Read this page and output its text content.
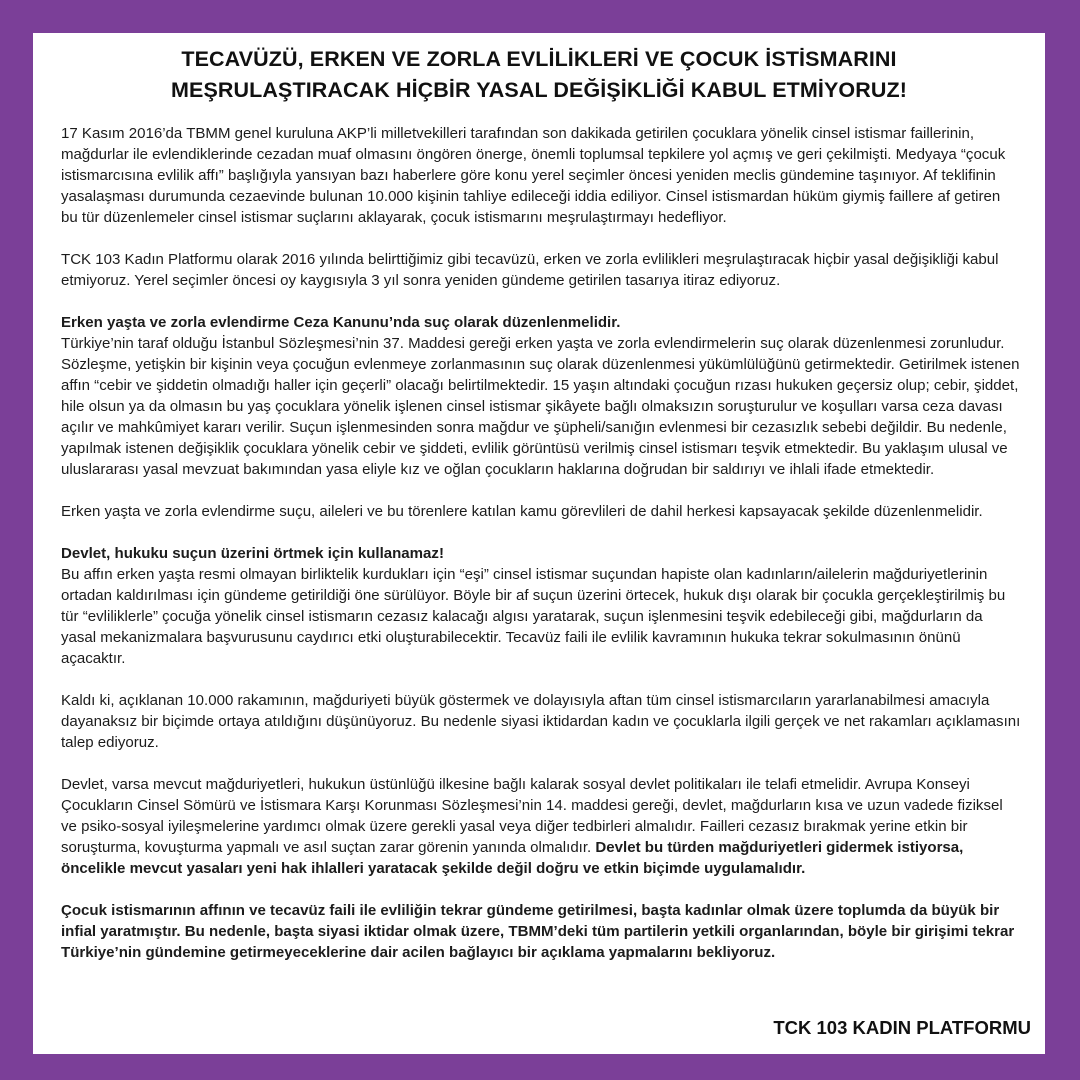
TECAVÜZÜ, ERKEN VE ZORLA EVLİLİKLERİ VE ÇOCUK İSTİSMARINI
MEŞRULAŞTIRACAK HİÇBİR YASAL DEĞİŞİKLİĞİ KABUL ETMİYORUZ!

17 Kasım 2016’da TBMM genel kuruluna AKP’li milletvekilleri tarafından son dakikada getirilen çocuklara yönelik cinsel istismar faillerinin, mağdurlar ile evlendiklerinde cezadan muaf olmasını öngören önerge, önemli toplumsal tepkilere yol açmış ve geri çekilmişti. Medyaya “çocuk istismarcısına evlilik affı” başlığıyla yansıyan bazı haberlere göre konu yerel seçimler öncesi yeniden meclis gündemine taşınıyor. Af teklifinin yasalaşması durumunda cezaevinde bulunan 10.000 kişinin tahliye edileceği iddia ediliyor. Cinsel istismardan hüküm giymiş faillere af getiren bu tür düzenlemeler cinsel istismar suçlarını aklayarak, çocuk istismarını meşrulaştırmayı hedefliyor.

TCK 103 Kadın Platformu olarak 2016 yılında belirttiğimiz gibi tecavüzü, erken ve zorla evlilikleri meşrulaştıracak hiçbir yasal değişikliği kabul etmiyoruz. Yerel seçimler öncesi oy kaygısıyla 3 yıl sonra yeniden gündeme getirilen tasarıya itiraz ediyoruz.

Erken yaşta ve zorla evlendirme Ceza Kanunu’nda suç olarak düzenlenmelidir.
Türkiye’nin taraf olduğu İstanbul Sözleşmesi’nin 37. Maddesi gereği erken yaşta ve zorla evlendirmelerin suç olarak düzenlenmesi zorunludur. Sözleşme, yetişkin bir kişinin veya çocuğun evlenmeye zorlanmasının suç olarak düzenlenmesi yükümlülüğünü getirmektedir. Getirilmek istenen affın “cebir ve şiddetin olmadığı haller için geçerli” olacağı belirtilmektedir. 15 yaşın altındaki çocuğun rızası hukuken geçersiz olup; cebir, şiddet, hile olsun ya da olmasın bu yaş çocuklara yönelik işlenen cinsel istismar şikâyete bağlı olmaksızın soruşturulur ve koşulları varsa ceza davası açılır ve mahkûmiyet kararı verilir. Suçun işlenmesinden sonra mağdur ve şüpheli/sanığın evlenmesi bir cezasızlık sebebi değildir. Bu nedenle, yapılmak istenen değişiklik çocuklara yönelik cebir ve şiddeti, evlilik görüntüsü verilmiş cinsel istismarı teşvik etmektedir. Bu yaklaşım ulusal ve uluslararası yasal mevzuat bakımından yasa eliyle kız ve oğlan çocukların haklarına doğrudan bir saldırıyı ve ihlali ifade etmektedir.

Erken yaşta ve zorla evlendirme suçu, aileleri ve bu törenlere katılan kamu görevlileri de dahil herkesi kapsayacak şekilde düzenlenmelidir.

Devlet, hukuku suçun üzerini örtmek için kullanamaz!
Bu affın erken yaşta resmi olmayan birliktelik kurdukları için “eşi” cinsel istismar suçundan hapiste olan kadınların/ailelerin mağduriyetlerinin ortadan kaldırılması için gündeme getirildiği öne sürülüyor. Böyle bir af suçun üzerini örtecek, hukuk dışı olarak bir çocukla gerçekleştirilmiş bu tür “evliliklerle” çocuğa yönelik cinsel istismarın cezasız kalacağı algısı yaratarak, suçun işlenmesini teşvik edebileceği gibi, mağdurların da yasal mekanizmalara başvurusunu caydırıcı etki oluşturabilecektir. Tecavüz faili ile evlilik kavramının hukuka tekrar sokulmasının önünü açacaktır.

Kaldı ki, açıklanan 10.000 rakamının, mağduriyeti büyük göstermek ve dolayısıyla aftan tüm cinsel istismarcıların yararlanabilmesi amacıyla dayanaksız bir biçimde ortaya atıldığını düşünüyoruz. Bu nedenle siyasi iktidardan kadın ve çocuklarla ilgili gerçek ve net rakamları açıklamasını talep ediyoruz.

Devlet, varsa mevcut mağduriyetleri, hukukun üstünlüğü ilkesine bağlı kalarak sosyal devlet politikaları ile telafi etmelidir. Avrupa Konseyi Çocukların Cinsel Sömürü ve İstismara Karşı Korunması Sözleşmesi’nin 14. maddesi gereği, devlet, mağdurların kısa ve uzun vadede fiziksel ve psiko-sosyal iyileşmelerine yardımcı olmak üzere gerekli yasal veya diğer tedbirleri almalıdır. Failleri cezasız bırakmak yerine etkin bir soruşturma, kovuşturma yapmalı ve asıl suçtan zarar görenin yanında olmalıdır. Devlet bu türden mağduriyetleri gidermek istiyorsa, öncelikle mevcut yasaları yeni hak ihlalleri yaratacak şekilde değil doğru ve etkin biçimde uygulamalıdır.

Çocuk istismarının affının ve tecavüz faili ile evliliğin tekrar gündeme getirilmesi, başta kadınlar olmak üzere toplumda da büyük bir infial yaratmıştır. Bu nedenle, başta siyasi iktidar olmak üzere, TBMM’deki tüm partilerin yetkili organlarından, böyle bir girişimi tekrar Türkiye’nin gündemine getirmeyeceklerine dair acilen bağlayıcı bir açıklama yapmalarını bekliyoruz.

TCK 103 KADIN PLATFORMU
